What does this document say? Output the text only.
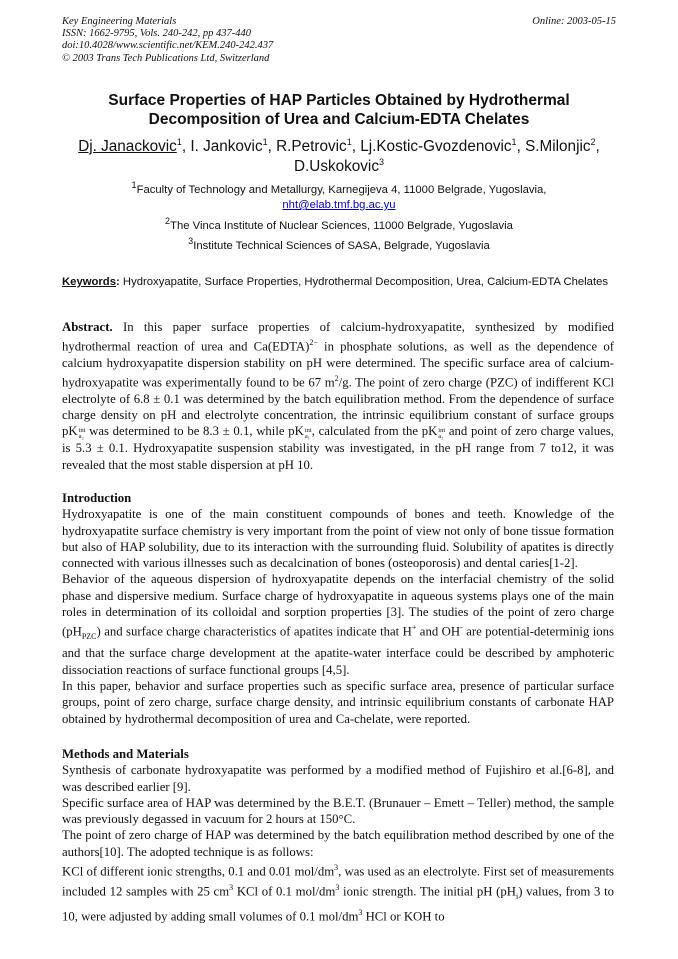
Key Engineering Materials
ISSN: 1662-9795, Vols. 240-242, pp 437-440
doi:10.4028/www.scientific.net/KEM.240-242.437
© 2003 Trans Tech Publications Ltd, Switzerland
Online: 2003-05-15
Surface Properties of HAP Particles Obtained by Hydrothermal
Decomposition of Urea and Calcium-EDTA Chelates
Dj. Janackovic$^1$, I. Jankovic$^1$, R.Petrovic$^1$, Lj.Kostic-Gvozdenovic$^1$, S.Milonjic$^2$,
D.Uskokovic$^3$
$^1$Faculty of Technology and Metallurgy, Karnegijeva 4, 11000 Belgrade, Yugoslavia,
nht@elab.tmf.bg.ac.yu
$^2$The Vinca Institute of Nuclear Sciences, 11000 Belgrade, Yugoslavia
$^3$Institute Technical Sciences of SASA, Belgrade, Yugoslavia
Keywords: Hydroxyapatite, Surface Properties, Hydrothermal Decomposition, Urea, Calcium-EDTA Chelates

Abstract. In this paper surface properties of calcium-hydroxyapatite, synthesized by modified hydrothermal reaction of urea and Ca(EDTA)$^{2-}$ in phosphate solutions, as well as the dependence of calcium hydroxyapatite dispersion stability on pH were determined. The specific surface area of calcium-hydroxyapatite was experimentally found to be 67 $m^2/g$. The point of zero charge (PZC) of indifferent KCl electrolyte of 6.8 ± 0.1 was determined by the batch equilibration method. From the dependence of surface charge density on pH and electrolyte concentration, the intrinsic equilibrium constant of surface groups pKint
a₂ was determined to be 8.3 ± 0.1, while pKint
a₁ , calculated from the pKint
a₂ and point of zero charge values, is 5.3 ± 0.1. Hydroxyapatite suspension stability was investigated, in the pH range from 7 to12, it was revealed that the most stable dispersion at pH 10.

Introduction

Hydroxyapatite is one of the main constituent compounds of bones and teeth. Knowledge of the hydroxyapatite surface chemistry is very important from the point of view not only of bone tissue formation but also of HAP solubility, due to its interaction with the surrounding fluid. Solubility of apatites is directly connected with various illnesses such as decalcination of bones (osteoporosis) and dental caries[1-2].

Behavior of the aqueous dispersion of hydroxyapatite depends on the interfacial chemistry of the solid phase and dispersive medium. Surface charge of hydroxyapatite in aqueous systems plays one of the main roles in determination of its colloidal and sorption properties [3]. The studies of the point of zero charge $(pH_{PZC})$ and surface charge characteristics of apatites indicate that H+ and OH- are potential-determinig ions and that the surface charge development at the apatite-water interface could be described by amphoteric dissociation reactions of surface functional groups [4,5].

In this paper, behavior and surface properties such as specific surface area, presence of particular surface groups, point of zero charge, surface charge density, and intrinsic equilibrium constants of carbonate HAP obtained by hydrothermal decomposition of urea and Ca-chelate, were reported.

Methods and Materials

Synthesis of carbonate hydroxyapatite was performed by a modified method of Fujishiro et al.[6-8], and was described earlier [9].

Specific surface area of HAP was determined by the B.E.T. (Brunauer – Emett – Teller) method, the sample was previously degassed in vacuum for 2 hours at 150°C.

The point of zero charge of HAP was determined by the batch equilibration method described by one of the authors[10]. The adopted technique is as follows:

KCl of different ionic strengths, 0.1 and 0.01 mol/$dm^3$, was used as an electrolyte. First set of measurements included 12 samples with 25 $cm^3$ KCl of 0.1 mol/$dm^3$ ionic strength. The initial pH $(pH_i)$ values, from 3 to 10, were adjusted by adding small volumes of 0.1 mol/$dm^3$ HCl or KOH to
